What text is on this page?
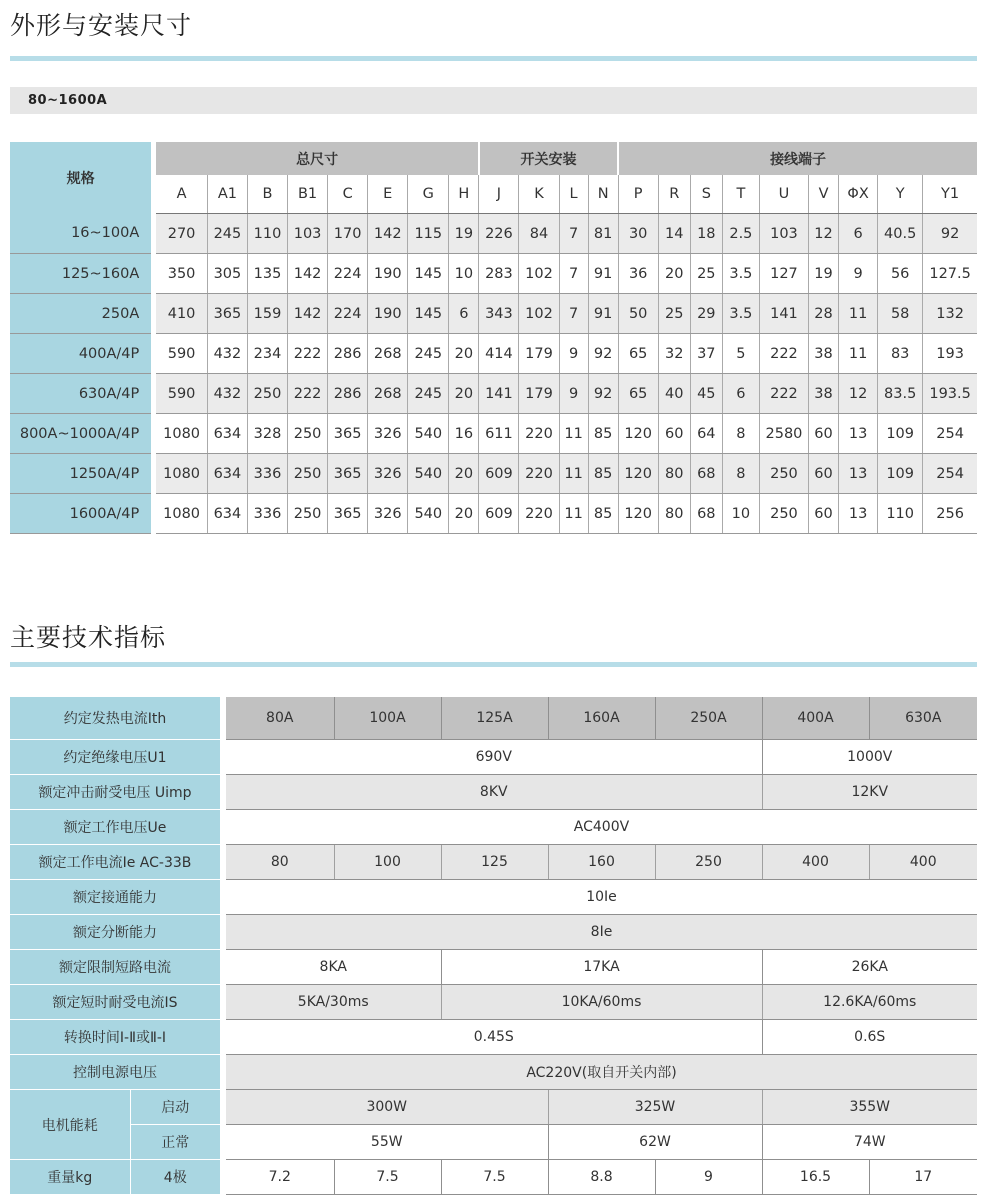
外形与安装尺寸
80~1600A
规格		总尺寸								开关安装				接线端子								
		A	A1	B	B1	C	E	G	H	J	K	L	N	P	R	S	T	U	V	ΦX	Y	Y1
16~100A		270	245	110	103	170	142	115	19	226	84	7	81	30	14	18	2.5	103	12	6	40.5	92
125~160A		350	305	135	142	224	190	145	10	283	102	7	91	36	20	25	3.5	127	19	9	56	127.5
250A		410	365	159	142	224	190	145	6	343	102	7	91	50	25	29	3.5	141	28	11	58	132
400A/4P		590	432	234	222	286	268	245	20	414	179	9	92	65	32	37	5	222	38	11	83	193
630A/4P		590	432	250	222	286	268	245	20	141	179	9	92	65	40	45	6	222	38	12	83.5	193.5
800A~1000A/4P		1080	634	328	250	365	326	540	16	611	220	11	85	120	60	64	8	2580	60	13	109	254
1250A/4P		1080	634	336	250	365	326	540	20	609	220	11	85	120	80	68	8	250	60	13	109	254
1600A/4P		1080	634	336	250	365	326	540	20	609	220	11	85	120	80	68	10	250	60	13	110	256
主要技术指标
约定发热电流Ith			80A	100A	125A	160A	250A	400A	630A
约定绝缘电压U1			690V					1000V	
额定冲击耐受电压 Uimp			8KV					12KV	
额定工作电压Ue			AC400V						
额定工作电流Ie AC-33B			80	100	125	160	250	400	400
额定接通能力			10Ie						
额定分断能力			8Ie						
额定限制短路电流			8KA		17KA			26KA	
额定短时耐受电流IS			5KA/30ms		10KA/60ms			12.6KA/60ms	
转换时间Ⅰ-Ⅱ或Ⅱ-Ⅰ			0.45S					0.6S	
控制电源电压			AC220V(取自开关内部)						
电机能耗	启动		300W			325W		355W	
	正常		55W			62W		74W	
重量kg	4极		7.2	7.5	7.5	8.8	9	16.5	17
